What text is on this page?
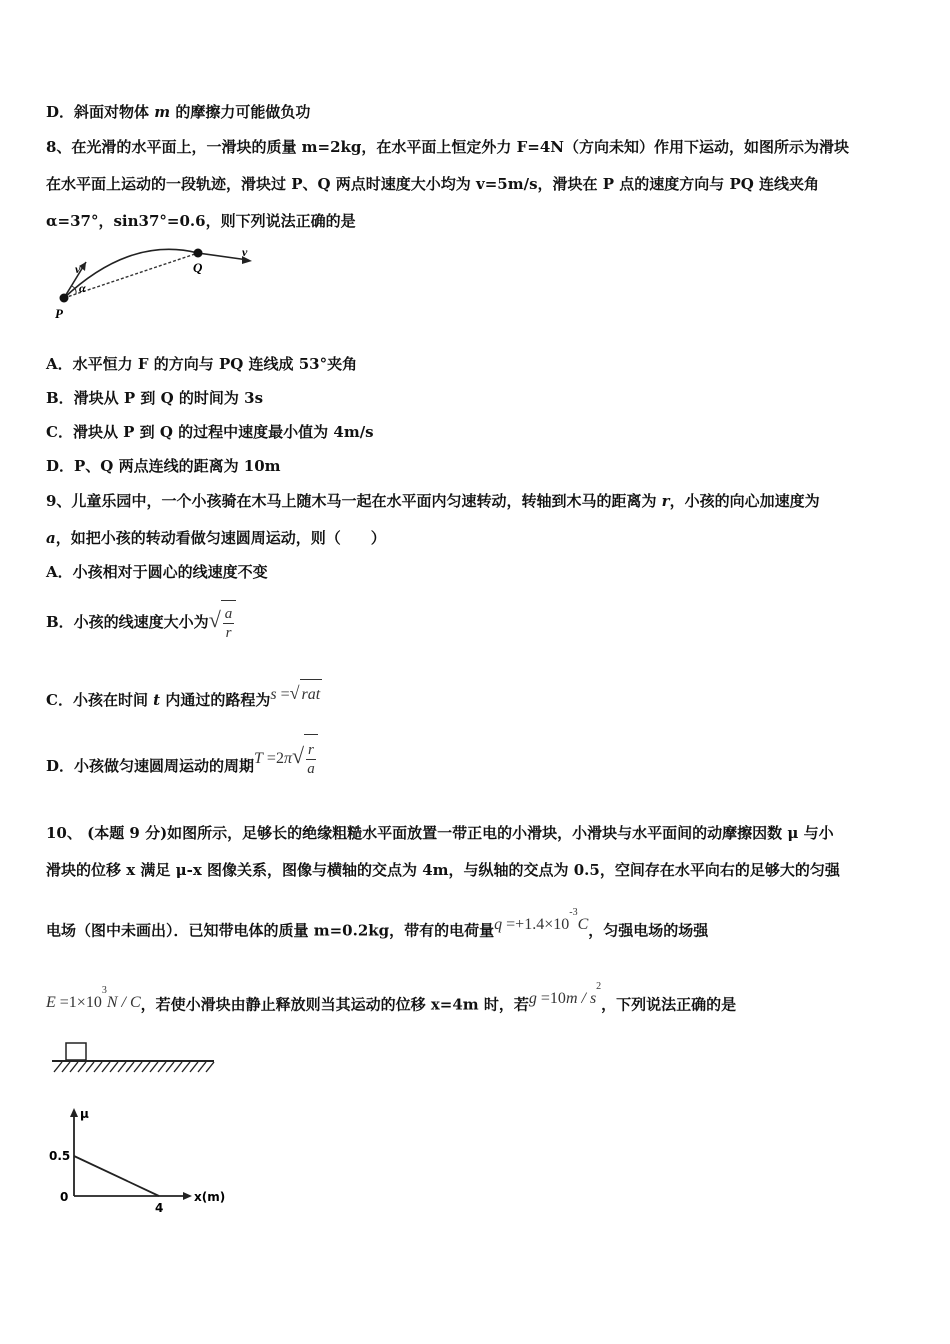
D．斜面对物体 m 的摩擦力可能做负功
8、在光滑的水平面上，一滑块的质量 m=2kg，在水平面上恒定外力 F=4N（方向未知）作用下运动，如图所示为滑块
在水平面上运动的一段轨迹，滑块过 P、Q 两点时速度大小均为 v=5m/s，滑块在 P 点的速度方向与 PQ 连线夹角
α=37°，sin37°=0.6，则下列说法正确的是
v
α
P
Q
v
A．水平恒力 F 的方向与 PQ 连线成 53°夹角
B．滑块从 P 到 Q 的时间为 3s
C．滑块从 P 到 Q 的过程中速度最小值为 4m/s
D．P、Q 两点连线的距离为 10m
9、儿童乐园中，一个小孩骑在木马上随木马一起在水平面内匀速转动，转轴到木马的距离为 r，小孩的向心加速度为
a，如把小孩的转动看做匀速圆周运动，则（　　）
A．小孩相对于圆心的线速度不变
B．小孩的线速度大小为√ $\frac{a}{r}$
C．小孩在时间 t 内通过的路程为s =√ rat
D．小孩做匀速圆周运动的周期$T =2\pi√ \frac{r}{a}$
10、 (本题 9 分)如图所示，足够长的绝缘粗糙水平面放置一带正电的小滑块，小滑块与水平面间的动摩擦因数 μ 与小
滑块的位移 x 满足 μ-x 图像关系，图像与横轴的交点为 4m，与纵轴的交点为 0.5，空间存在水平向右的足够大的匀强
电场（图中未画出）．已知带电体的质量 m=0.2kg，带有的电荷量$q =+1.4\times 10^{-3}C$，匀强电场的场强
$E =1\times 10^3N / C$，若使小滑块由静止释放则当其运动的位移 x=4m 时，若$g =10m / s^2$，下列说法正确的是
μ
x(m)
0.5
0
4
